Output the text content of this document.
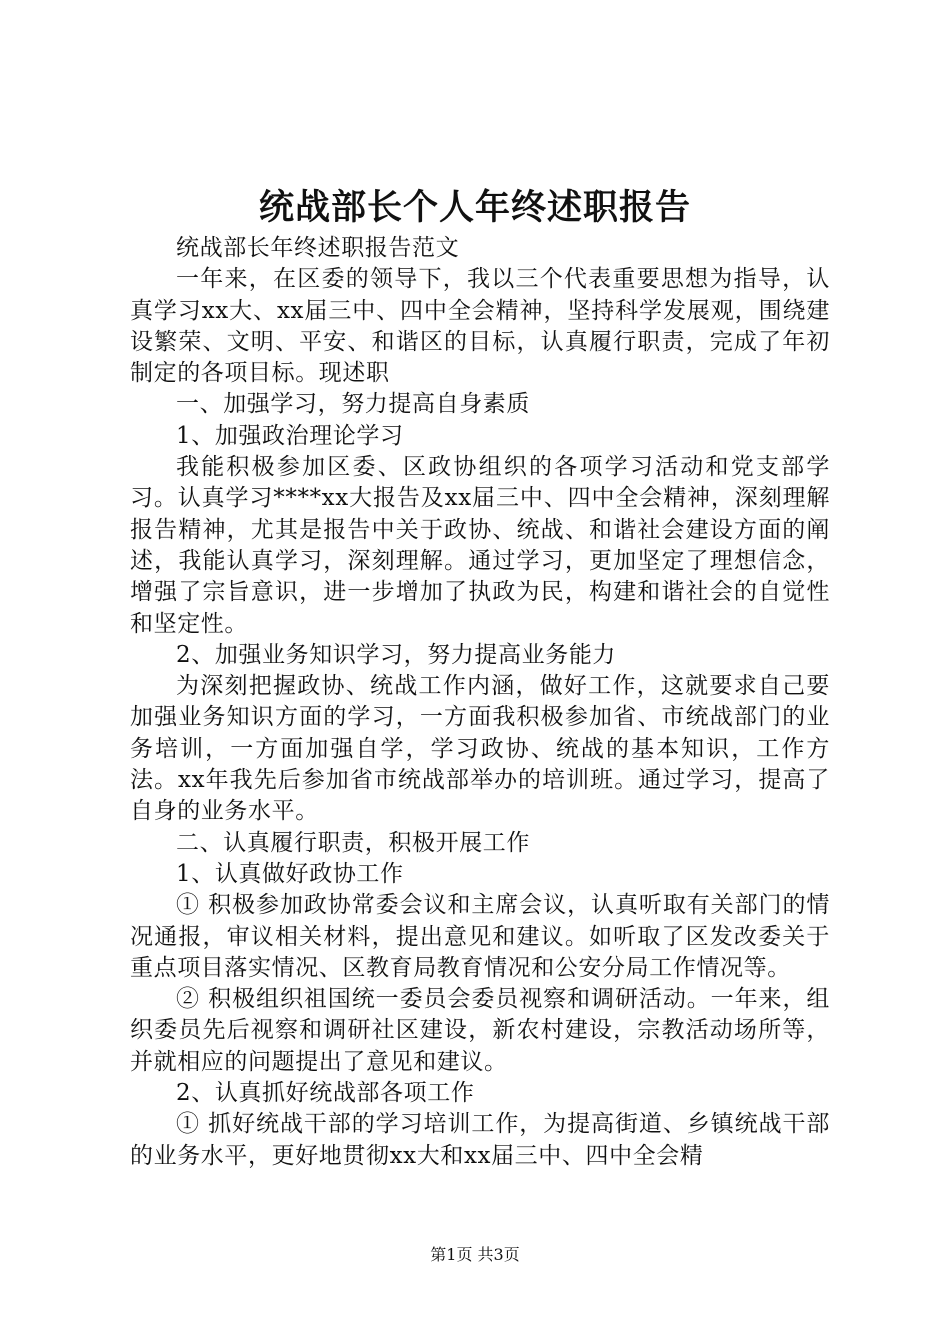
统战部长个人年终述职报告

统战部长年终述职报告范文

一年来，在区委的领导下，我以三个代表重要思想为指导，认真学习xx大、xx届三中、四中全会精神，坚持科学发展观，围绕建设繁荣、文明、平安、和谐区的目标，认真履行职责，完成了年初制定的各项目标。现述职

一、加强学习，努力提高自身素质

1、加强政治理论学习

我能积极参加区委、区政协组织的各项学习活动和党支部学习。认真学习****xx大报告及xx届三中、四中全会精神，深刻理解报告精神，尤其是报告中关于政协、统战、和谐社会建设方面的阐述，我能认真学习，深刻理解。通过学习，更加坚定了理想信念，增强了宗旨意识，进一步增加了执政为民，构建和谐社会的自觉性和坚定性。

2、加强业务知识学习，努力提高业务能力

为深刻把握政协、统战工作内涵，做好工作，这就要求自己要加强业务知识方面的学习，一方面我积极参加省、市统战部门的业务培训，一方面加强自学，学习政协、统战的基本知识，工作方法。xx年我先后参加省市统战部举办的培训班。通过学习，提高了自身的业务水平。

二、认真履行职责，积极开展工作

1、认真做好政协工作

① 积极参加政协常委会议和主席会议，认真听取有关部门的情况通报，审议相关材料，提出意见和建议。如听取了区发改委关于重点项目落实情况、区教育局教育情况和公安分局工作情况等。

② 积极组织祖国统一委员会委员视察和调研活动。一年来，组织委员先后视察和调研社区建设，新农村建设，宗教活动场所等，并就相应的问题提出了意见和建议。

2、认真抓好统战部各项工作

① 抓好统战干部的学习培训工作，为提高街道、乡镇统战干部的业务水平，更好地贯彻xx大和xx届三中、四中全会精

第1页 共3页
